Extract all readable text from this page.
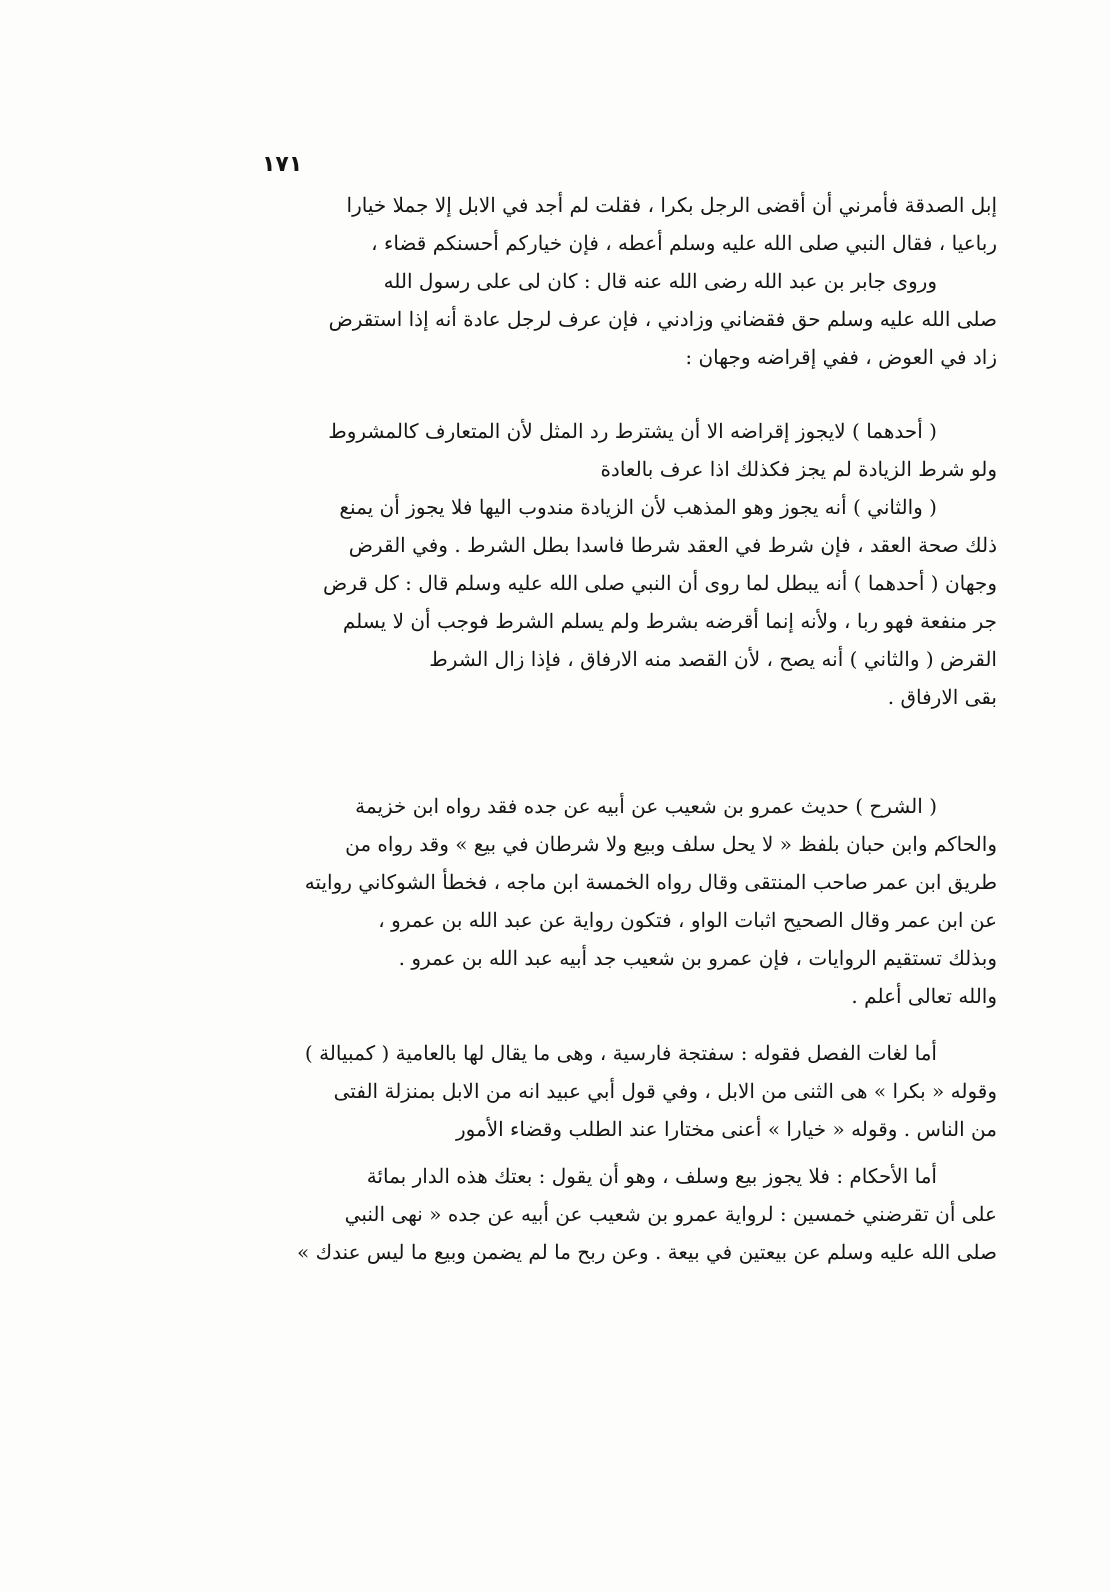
١٧١
إبل الصدقة فأمرني أن أقضى الرجل بكرا ، فقلت لم أجد في الابل إلا جملا خيارا
رباعيا ، فقال النبي صلى الله عليه وسلم أعطه ، فإن خياركم أحسنكم قضاء ،
وروى جابر بن عبد الله رضى الله عنه قال : كان لى على رسول الله
صلى الله عليه وسلم حق فقضاني وزادني ، فإن عرف لرجل عادة أنه إذا استقرض
زاد في العوض ، ففي إقراضه وجهان :
( أحدهما ) لايجوز إقراضه الا أن يشترط رد المثل لأن المتعارف كالمشروط
ولو شرط الزيادة لم يجز فكذلك اذا عرف بالعادة
( والثاني ) أنه يجوز وهو المذهب لأن الزيادة مندوب اليها فلا يجوز أن يمنع
ذلك صحة العقد ، فإن شرط في العقد شرطا فاسدا بطل الشرط . وفي القرض
وجهان ( أحدهما ) أنه يبطل لما روى أن النبي صلى الله عليه وسلم قال : كل قرض
جر منفعة فهو ربا ، ولأنه إنما أقرضه بشرط ولم يسلم الشرط فوجب أن لا يسلم
القرض ( والثاني ) أنه يصح ، لأن القصد منه الارفاق ، فإذا زال الشرط
بقى الارفاق .
( الشرح ) حديث عمرو بن شعيب عن أبيه عن جده فقد رواه ابن خزيمة
والحاكم وابن حبان بلفظ « لا يحل سلف وبيع ولا شرطان في بيع » وقد رواه من
طريق ابن عمر صاحب المنتقى وقال رواه الخمسة ابن ماجه ، فخطأ الشوكاني روايته
عن ابن عمر وقال الصحيح اثبات الواو ، فتكون رواية عن عبد الله بن عمرو ،
وبذلك تستقيم الروايات ، فإن عمرو بن شعيب جد أبيه عبد الله بن عمرو .
والله تعالى أعلم .
أما لغات الفصل فقوله : سفتجة فارسية ، وهى ما يقال لها بالعامية ( كمبيالة )
وقوله « بكرا » هى الثنى من الابل ، وفي قول أبي عبيد انه من الابل بمنزلة الفتى
من الناس . وقوله « خيارا » أعنى مختارا عند الطلب وقضاء الأمور
أما الأحكام : فلا يجوز بيع وسلف ، وهو أن يقول : بعتك هذه الدار بمائة
على أن تقرضني خمسين : لرواية عمرو بن شعيب عن أبيه عن جده « نهى النبي
صلى الله عليه وسلم عن بيعتين في بيعة . وعن ربح ما لم يضمن وبيع ما ليس عندك »
